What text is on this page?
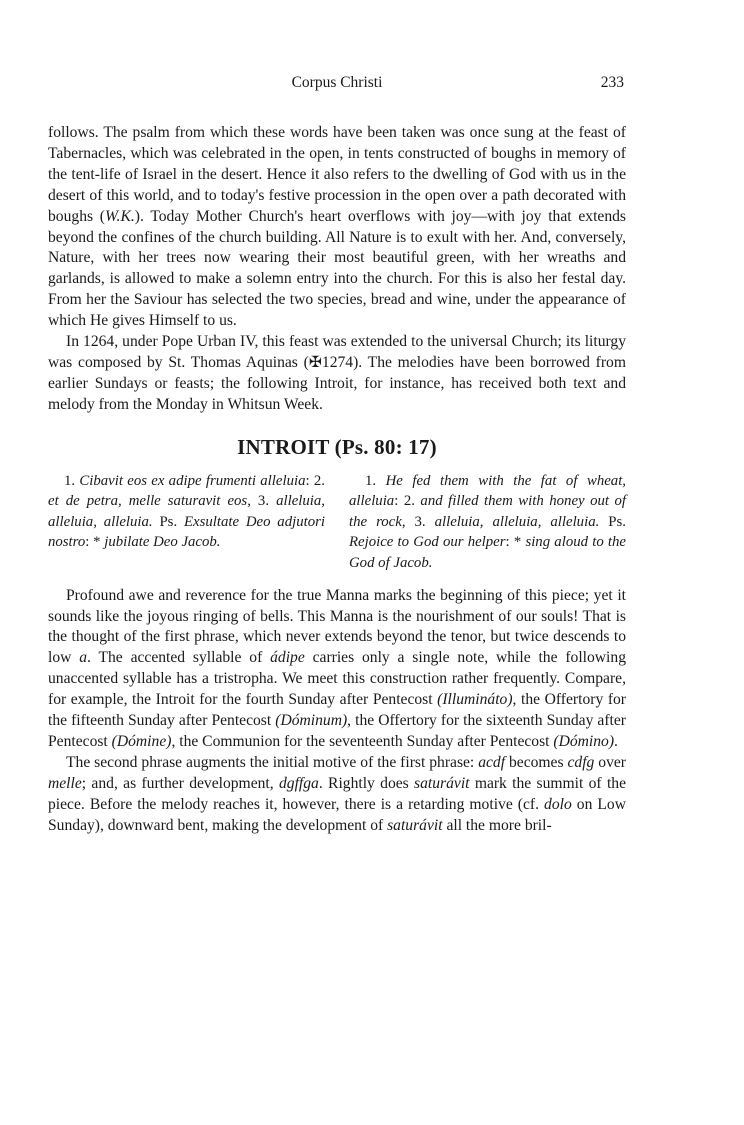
Corpus Christi	233

follows. The psalm from which these words have been taken was once sung at the feast of Tabernacles, which was celebrated in the open, in tents constructed of boughs in memory of the tent-life of Israel in the desert. Hence it also refers to the dwelling of God with us in the desert of this world, and to today's festive procession in the open over a path decorated with boughs (W.K.). Today Mother Church's heart overflows with joy—with joy that extends beyond the confines of the church building. All Nature is to exult with her. And, conversely, Nature, with her trees now wearing their most beautiful green, with her wreaths and garlands, is allowed to make a solemn entry into the church. For this is also her festal day. From her the Saviour has selected the two species, bread and wine, under the appearance of which He gives Himself to us.

In 1264, under Pope Urban IV, this feast was extended to the universal Church; its liturgy was composed by St. Thomas Aquinas (✠1274). The melodies have been borrowed from earlier Sundays or feasts; the following Introit, for instance, has received both text and melody from the Monday in Whitsun Week.

INTROIT (Ps. 80: 17)

1. Cibavit eos ex adipe frumenti alleluia: 2. et de petra, melle saturavit eos, 3. alleluia, alleluia, alleluia. Ps. Exsultate Deo adjutori nostro: * jubilate Deo Jacob.

1. He fed them with the fat of wheat, alleluia: 2. and filled them with honey out of the rock, 3. alleluia, alleluia, alleluia. Ps. Rejoice to God our helper: * sing aloud to the God of Jacob.

Profound awe and reverence for the true Manna marks the beginning of this piece; yet it sounds like the joyous ringing of bells. This Manna is the nourishment of our souls! That is the thought of the first phrase, which never extends beyond the tenor, but twice descends to low a. The accented syllable of ádipe carries only a single note, while the following unaccented syllable has a tristropha. We meet this construction rather frequently. Compare, for example, the Introit for the fourth Sunday after Pentecost (Illumináto), the Offertory for the fifteenth Sunday after Pentecost (Dóminum), the Offertory for the sixteenth Sunday after Pentecost (Dómine), the Communion for the seventeenth Sunday after Pentecost (Dómino).

The second phrase augments the initial motive of the first phrase: acdf becomes cdfg over melle; and, as further development, dgffga. Rightly does saturávit mark the summit of the piece. Before the melody reaches it, however, there is a retarding motive (cf. dolo on Low Sunday), downward bent, making the development of saturávit all the more bril-
